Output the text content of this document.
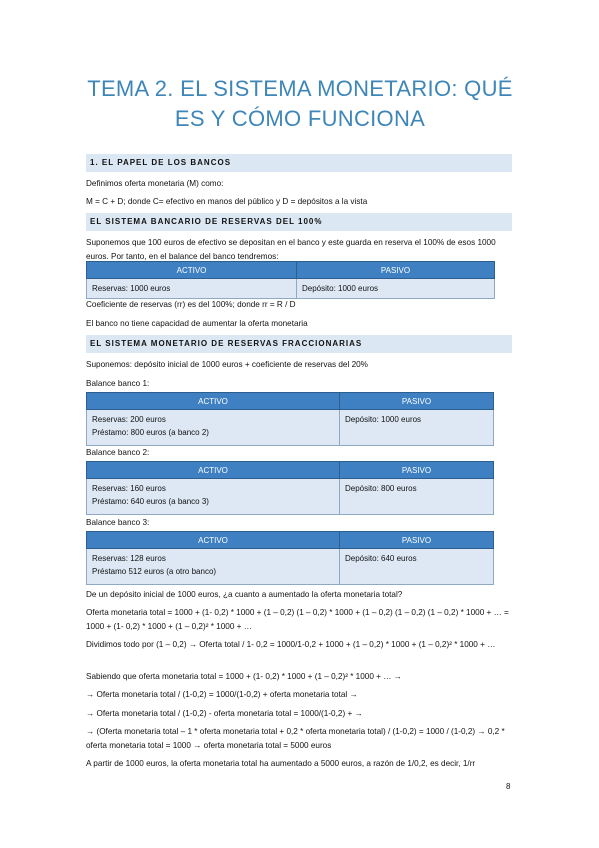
TEMA 2. EL SISTEMA MONETARIO: QUÉ ES Y CÓMO FUNCIONA
1. EL PAPEL DE LOS BANCOS
Definimos oferta monetaria (M) como:
M = C + D; donde C= efectivo en manos del público y D = depósitos a la vista
EL SISTEMA BANCARIO DE RESERVAS DEL 100%
Suponemos que 100 euros de efectivo se depositan en el banco y este guarda en reserva el 100% de esos 1000 euros. Por tanto, en el balance del banco tendremos:
ACTIVO	PASIVO
Reservas: 1000 euros	Depósito: 1000 euros
Coeficiente de reservas (rr) es del 100%; donde rr = R / D
El banco no tiene capacidad de aumentar la oferta monetaria
EL SISTEMA MONETARIO DE RESERVAS FRACCIONARIAS
Suponemos: depósito inicial de 1000 euros + coeficiente de reservas del 20%
Balance banco 1:
ACTIVO	PASIVO

Reservas: 200 euros
Préstamo: 800 euros (a banco 2)	Depósito: 1000 euros
Balance banco 2:
ACTIVO	PASIVO

Reservas: 160 euros
Préstamo: 640 euros (a banco 3)	Depósito: 800 euros
Balance banco 3:
ACTIVO	PASIVO

Reservas: 128 euros
Préstamo 512 euros (a otro banco)	Depósito: 640 euros
De un depósito inicial de 1000 euros, ¿a cuanto a aumentado la oferta monetaria total?
Oferta monetaria total = 1000 + (1- 0,2) * 1000 + (1 – 0,2) (1 – 0,2) * 1000 + (1 – 0,2) (1 – 0,2) (1 – 0,2) * 1000 + … = 1000 + (1- 0,2) * 1000 + (1 – 0,2)² * 1000 + …
Dividimos todo por (1 – 0,2) → Oferta total / 1- 0,2 = 1000/1-0,2 + 1000 + (1 – 0,2) * 1000 + (1 – 0,2)² * 1000 + …
Sabiendo que oferta monetaria total = 1000 + (1- 0,2) * 1000 + (1 – 0,2)² * 1000 + … →
→ Oferta monetaria total / (1-0,2) = 1000/(1-0,2) + oferta monetaria total →
→ Oferta monetaria total / (1-0,2) - oferta monetaria total = 1000/(1-0,2) + →
→ (Oferta monetaria total – 1 * oferta monetaria total + 0,2 * oferta monetaria total) / (1-0,2) = 1000 / (1-0,2) → 0,2 * oferta monetaria total = 1000 → oferta monetaria total = 5000 euros
A partir de 1000 euros, la oferta monetaria total ha aumentado a 5000 euros, a razón de 1/0,2, es decir, 1/rr
8
